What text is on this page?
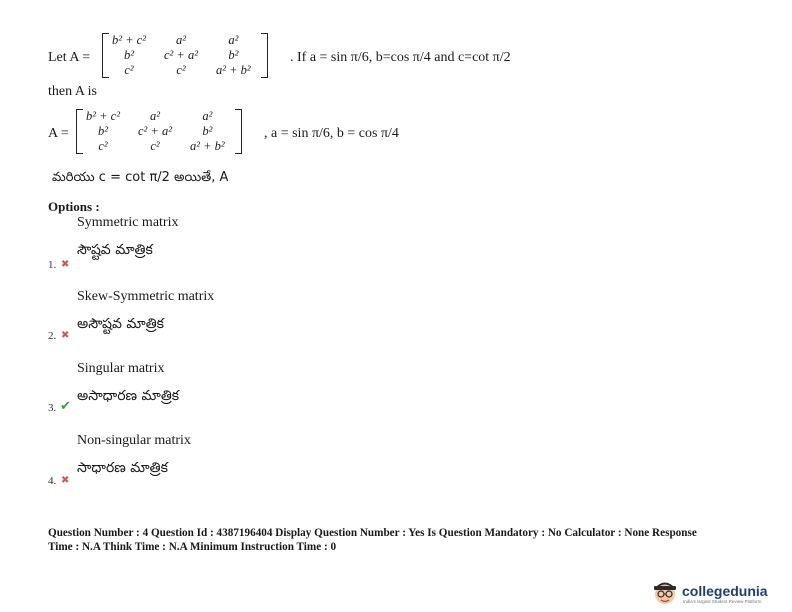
Let A =
b² + c²	a²	a²
b²	c² + a²	b²
c²	c²	a² + b²
. If a = sin π/6, b=cos π/4 and c=cot π/2
then A is
A =
b² + c²	a²	a²
b²	c² + a²	b²
c²	c²	a² + b²
, a = sin π/6, b = cos π/4
మరియు c = cot π/2 అయితే, A
Options :
Symmetric matrix
సౌష్టవ మాత్రిక
1. ✖
Skew-Symmetric matrix
అసౌష్టవ మాత్రిక
2. ✖
Singular matrix
అసాధారణ మాత్రిక
3. ✔
Non-singular matrix
సాధారణ మాత్రిక
4. ✖
Question Number : 4 Question Id : 4387196404 Display Question Number : Yes Is Question Mandatory : No Calculator : None Response
Time : N.A Think Time : N.A Minimum Instruction Time : 0
collegedunia
India's largest Student Review Platform
